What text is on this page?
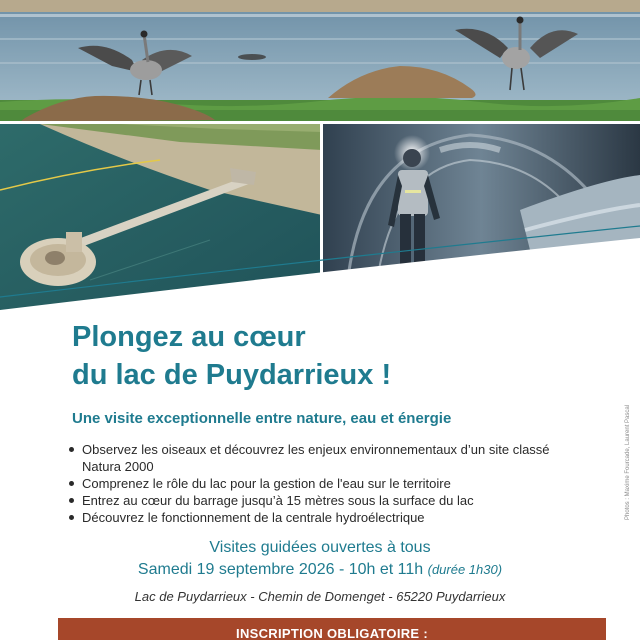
Plongez au cœur
du lac de Puydarrieux !
Une visite exceptionnelle entre nature, eau et énergie
Observez les oiseaux et découvrez les enjeux environnementaux d’un site classé Natura 2000
Comprenez le rôle du lac pour la gestion de l'eau sur le territoire
Entrez au cœur du barrage jusqu’à 15 mètres sous la surface du lac
Découvrez le fonctionnement de la centrale hydroélectrique
Visites guidées ouvertes à tous
Samedi 19 septembre 2026 - 10h et 11h (durée 1h30)
Lac de Puydarrieux - Chemin de Domenget - 65220 Puydarrieux
INSCRIPTION OBLIGATOIRE :
Photos : Maxime Fourcade, Laurent Pascal
